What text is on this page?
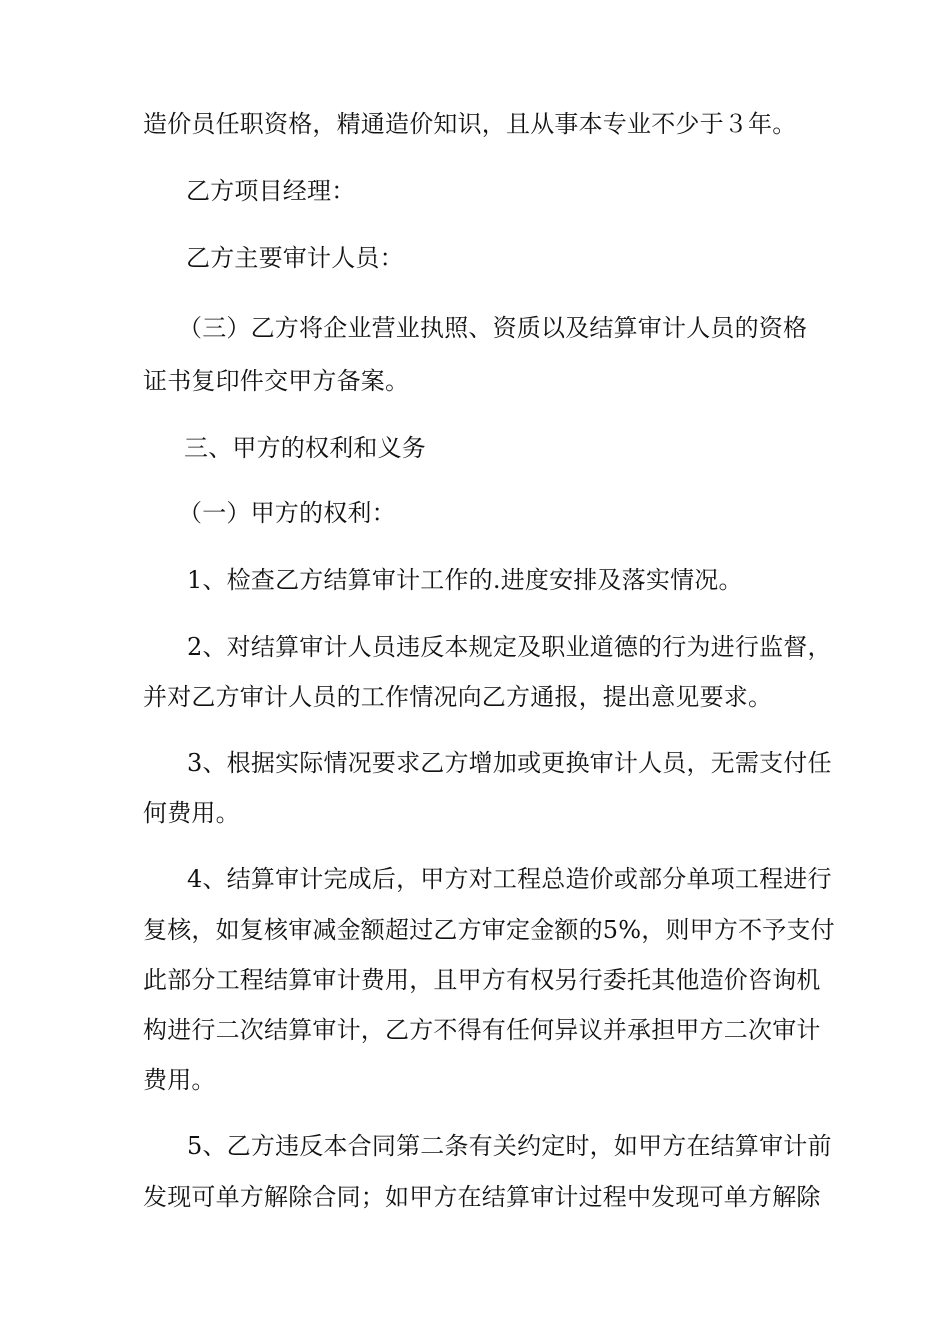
造价员任职资格，精通造价知识，且从事本专业不少于３年。
乙方项目经理：
乙方主要审计人员：
（三）乙方将企业营业执照、资质以及结算审计人员的资格
证书复印件交甲方备案。
三、甲方的权利和义务
（一）甲方的权利：
1、检查乙方结算审计工作的.进度安排及落实情况。
2、对结算审计人员违反本规定及职业道德的行为进行监督，
并对乙方审计人员的工作情况向乙方通报，提出意见要求。
3、根据实际情况要求乙方增加或更换审计人员，无需支付任
何费用。
4、结算审计完成后，甲方对工程总造价或部分单项工程进行
复核，如复核审减金额超过乙方审定金额的5%，则甲方不予支付
此部分工程结算审计费用，且甲方有权另行委托其他造价咨询机
构进行二次结算审计，乙方不得有任何异议并承担甲方二次审计
费用。
5、乙方违反本合同第二条有关约定时，如甲方在结算审计前
发现可单方解除合同；如甲方在结算审计过程中发现可单方解除
